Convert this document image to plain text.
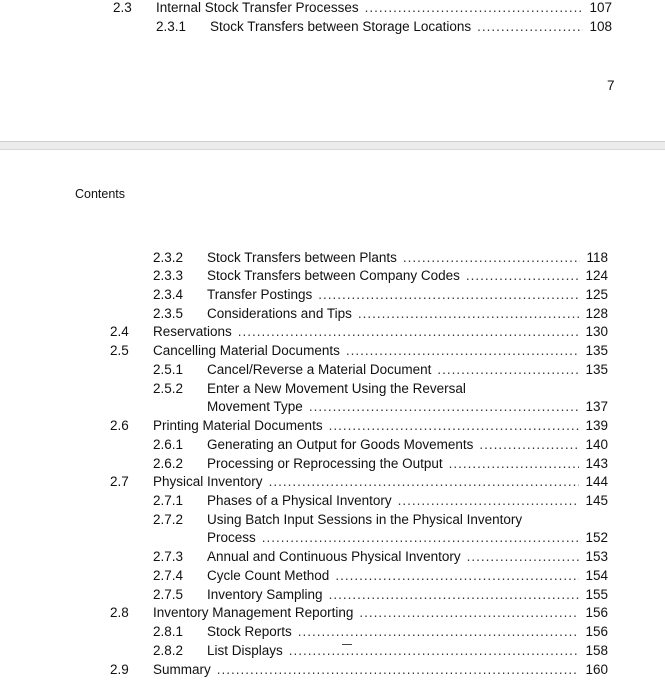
7
2.3 Internal Stock Transfer Processes .....	107
2.3.1 Stock Transfers between Storage Locations .....	108
Contents
2.3.2 Stock Transfers between Plants .....	118
2.3.3 Stock Transfers between Company Codes .....	124
2.3.4 Transfer Postings .....	125
2.3.5 Considerations and Tips .....	128
2.4 Reservations .....	130
2.5 Cancelling Material Documents .....	135
2.5.1 Cancel/Reverse a Material Document .....	135
2.5.2 Enter a New Movement Using the Reversal
Movement Type .....	137
2.6 Printing Material Documents .....	139
2.6.1 Generating an Output for Goods Movements .....	140
2.6.2 Processing or Reprocessing the Output .....	143
2.7 Physical Inventory .....	144
2.7.1 Phases of a Physical Inventory .....	145
2.7.2 Using Batch Input Sessions in the Physical Inventory
Process .....	152
2.7.3 Annual and Continuous Physical Inventory .....	153
2.7.4 Cycle Count Method .....	154
2.7.5 Inventory Sampling .....	155
2.8 Inventory Management Reporting .....	156
2.8.1 Stock Reports .....	156
2.8.2 List Displays .....	158
2.9 Summary .....	160
